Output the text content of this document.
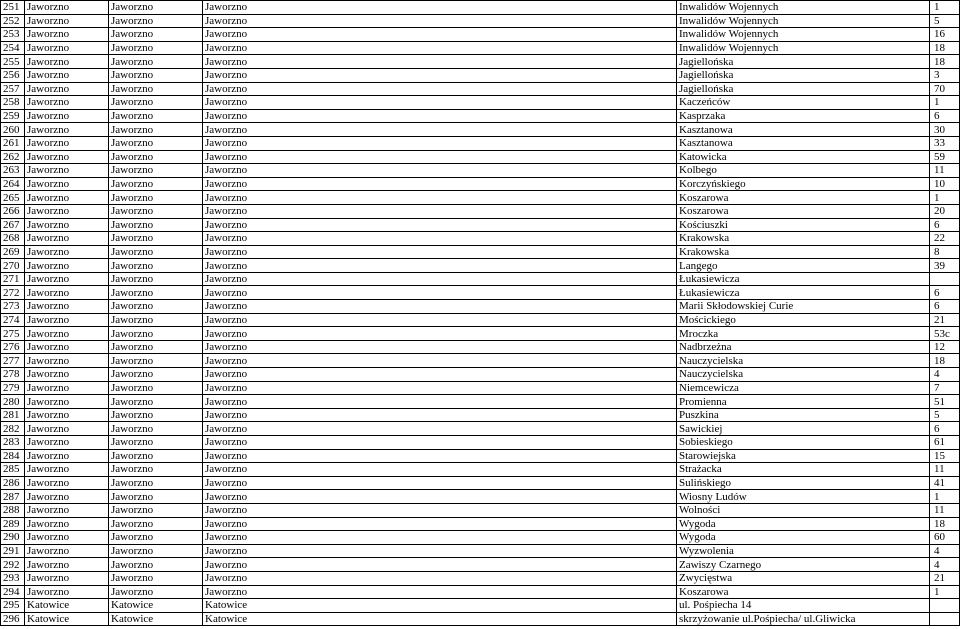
251	Jaworzno	Jaworzno	Jaworzno	Inwalidów Wojennych	1
252	Jaworzno	Jaworzno	Jaworzno	Inwalidów Wojennych	5
253	Jaworzno	Jaworzno	Jaworzno	Inwalidów Wojennych	16
254	Jaworzno	Jaworzno	Jaworzno	Inwalidów Wojennych	18
255	Jaworzno	Jaworzno	Jaworzno	Jagiellońska	18
256	Jaworzno	Jaworzno	Jaworzno	Jagiellońska	3
257	Jaworzno	Jaworzno	Jaworzno	Jagiellońska	70
258	Jaworzno	Jaworzno	Jaworzno	Kaczeńców	1
259	Jaworzno	Jaworzno	Jaworzno	Kasprzaka	6
260	Jaworzno	Jaworzno	Jaworzno	Kasztanowa	30
261	Jaworzno	Jaworzno	Jaworzno	Kasztanowa	33
262	Jaworzno	Jaworzno	Jaworzno	Katowicka	59
263	Jaworzno	Jaworzno	Jaworzno	Kolbego	11
264	Jaworzno	Jaworzno	Jaworzno	Korczyńskiego	10
265	Jaworzno	Jaworzno	Jaworzno	Koszarowa	1
266	Jaworzno	Jaworzno	Jaworzno	Koszarowa	20
267	Jaworzno	Jaworzno	Jaworzno	Kościuszki	6
268	Jaworzno	Jaworzno	Jaworzno	Krakowska	22
269	Jaworzno	Jaworzno	Jaworzno	Krakowska	8
270	Jaworzno	Jaworzno	Jaworzno	Langego	39
271	Jaworzno	Jaworzno	Jaworzno	Łukasiewicza	
272	Jaworzno	Jaworzno	Jaworzno	Łukasiewicza	6
273	Jaworzno	Jaworzno	Jaworzno	Marii Skłodowskiej Curie	6
274	Jaworzno	Jaworzno	Jaworzno	Mościckiego	21
275	Jaworzno	Jaworzno	Jaworzno	Mroczka	53c
276	Jaworzno	Jaworzno	Jaworzno	Nadbrzeżna	12
277	Jaworzno	Jaworzno	Jaworzno	Nauczycielska	18
278	Jaworzno	Jaworzno	Jaworzno	Nauczycielska	4
279	Jaworzno	Jaworzno	Jaworzno	Niemcewicza	7
280	Jaworzno	Jaworzno	Jaworzno	Promienna	51
281	Jaworzno	Jaworzno	Jaworzno	Puszkina	5
282	Jaworzno	Jaworzno	Jaworzno	Sawickiej	6
283	Jaworzno	Jaworzno	Jaworzno	Sobieskiego	61
284	Jaworzno	Jaworzno	Jaworzno	Starowiejska	15
285	Jaworzno	Jaworzno	Jaworzno	Strażacka	11
286	Jaworzno	Jaworzno	Jaworzno	Sulińskiego	41
287	Jaworzno	Jaworzno	Jaworzno	Wiosny Ludów	1
288	Jaworzno	Jaworzno	Jaworzno	Wolności	11
289	Jaworzno	Jaworzno	Jaworzno	Wygoda	18
290	Jaworzno	Jaworzno	Jaworzno	Wygoda	60
291	Jaworzno	Jaworzno	Jaworzno	Wyzwolenia	4
292	Jaworzno	Jaworzno	Jaworzno	Zawiszy Czarnego	4
293	Jaworzno	Jaworzno	Jaworzno	Zwycięstwa	21
294	Jaworzno	Jaworzno	Jaworzno	Koszarowa	1
295	Katowice	Katowice	Katowice	ul. Pośpiecha 14	
296	Katowice	Katowice	Katowice	skrzyżowanie ul.Pośpiecha/ ul.Gliwicka	
